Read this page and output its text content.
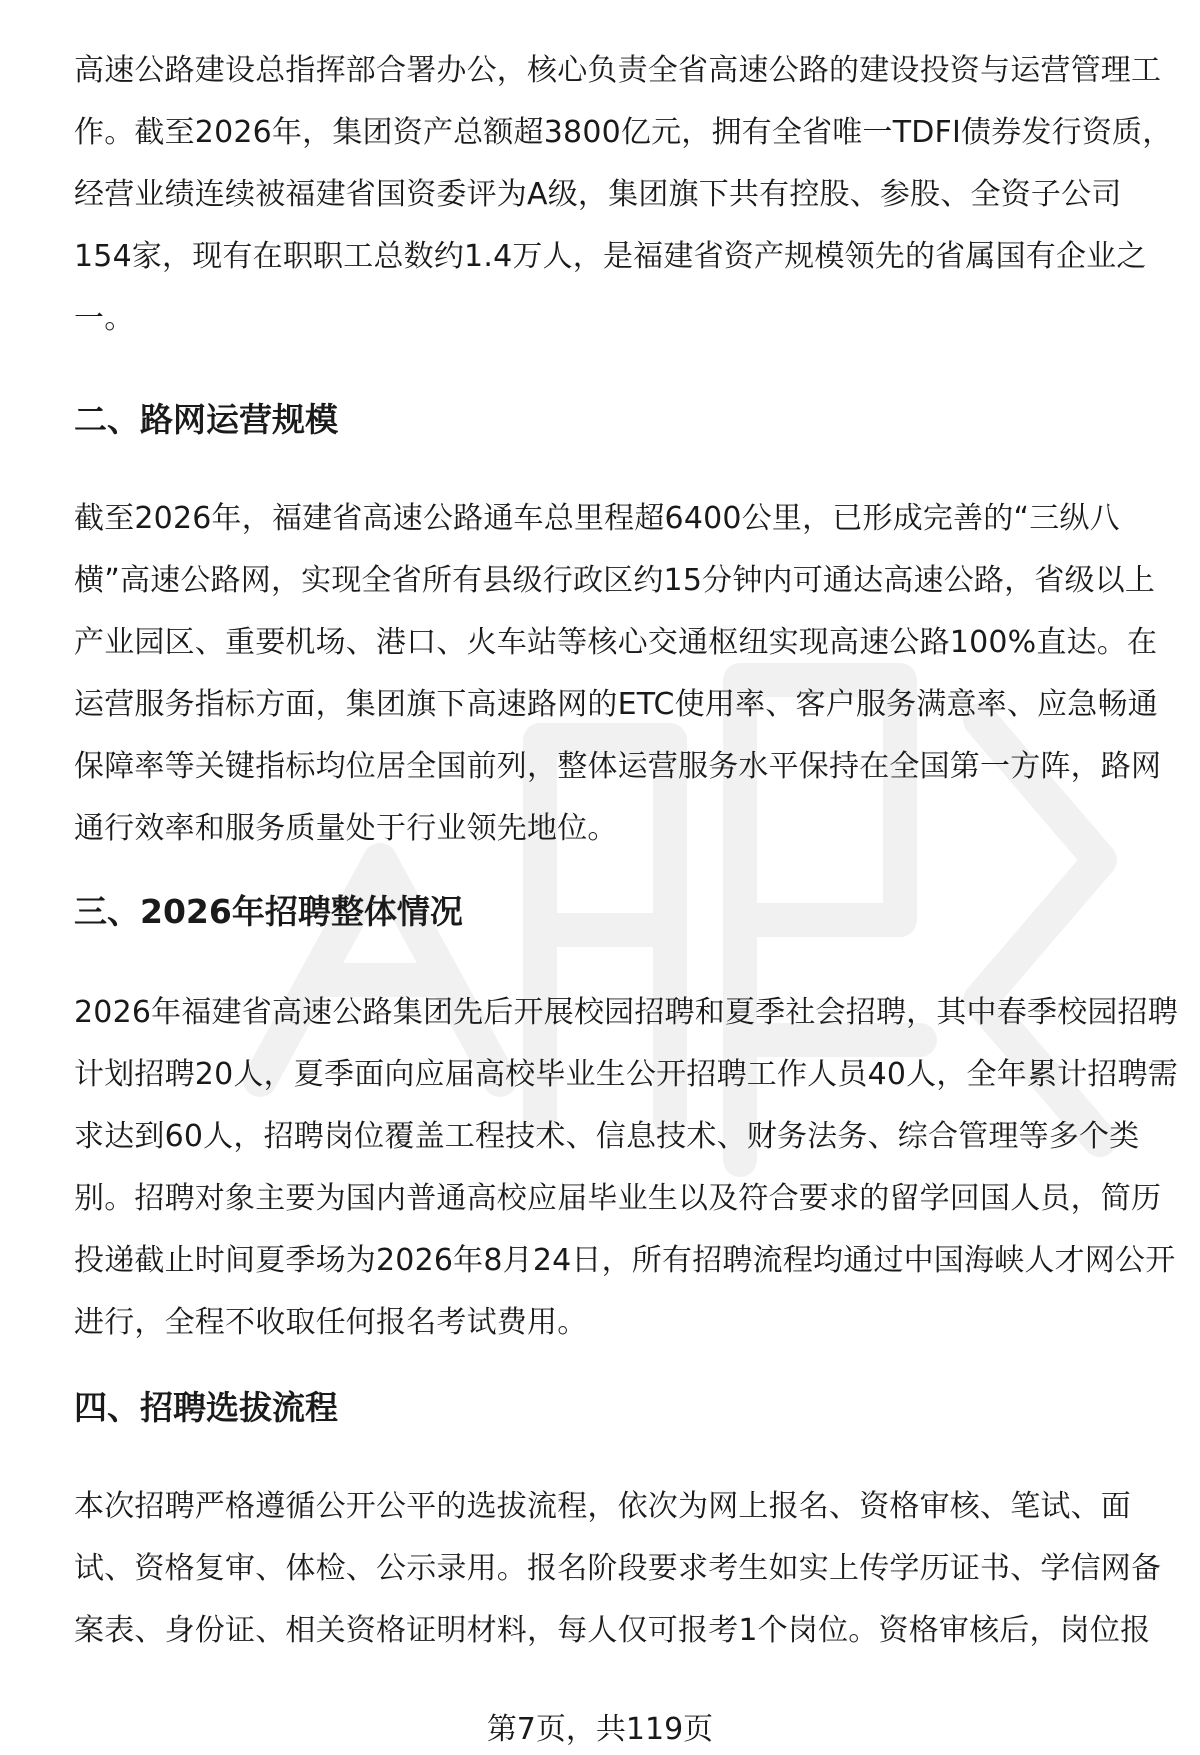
高速公路建设总指挥部合署办公，核心负责全省高速公路的建设投资与运营管理工
作。截至2026年，集团资产总额超3800亿元，拥有全省唯一TDFI债券发行资质，
经营业绩连续被福建省国资委评为A级，集团旗下共有控股、参股、全资子公司
154家，现有在职职工总数约1.4万人，是福建省资产规模领先的省属国有企业之
一。
二、路网运营规模
截至2026年，福建省高速公路通车总里程超6400公里，已形成完善的“三纵八
横”高速公路网，实现全省所有县级行政区约15分钟内可通达高速公路，省级以上
产业园区、重要机场、港口、火车站等核心交通枢纽实现高速公路100%直达。在
运营服务指标方面，集团旗下高速路网的ETC使用率、客户服务满意率、应急畅通
保障率等关键指标均位居全国前列，整体运营服务水平保持在全国第一方阵，路网
通行效率和服务质量处于行业领先地位。
三、2026年招聘整体情况
2026年福建省高速公路集团先后开展校园招聘和夏季社会招聘，其中春季校园招聘
计划招聘20人，夏季面向应届高校毕业生公开招聘工作人员40人，全年累计招聘需
求达到60人，招聘岗位覆盖工程技术、信息技术、财务法务、综合管理等多个类
别。招聘对象主要为国内普通高校应届毕业生以及符合要求的留学回国人员，简历
投递截止时间夏季场为2026年8月24日，所有招聘流程均通过中国海峡人才网公开
进行，全程不收取任何报名考试费用。
四、招聘选拔流程
本次招聘严格遵循公开公平的选拔流程，依次为网上报名、资格审核、笔试、面
试、资格复审、体检、公示录用。报名阶段要求考生如实上传学历证书、学信网备
案表、身份证、相关资格证明材料，每人仅可报考1个岗位。资格审核后，岗位报

第7页，共119页
